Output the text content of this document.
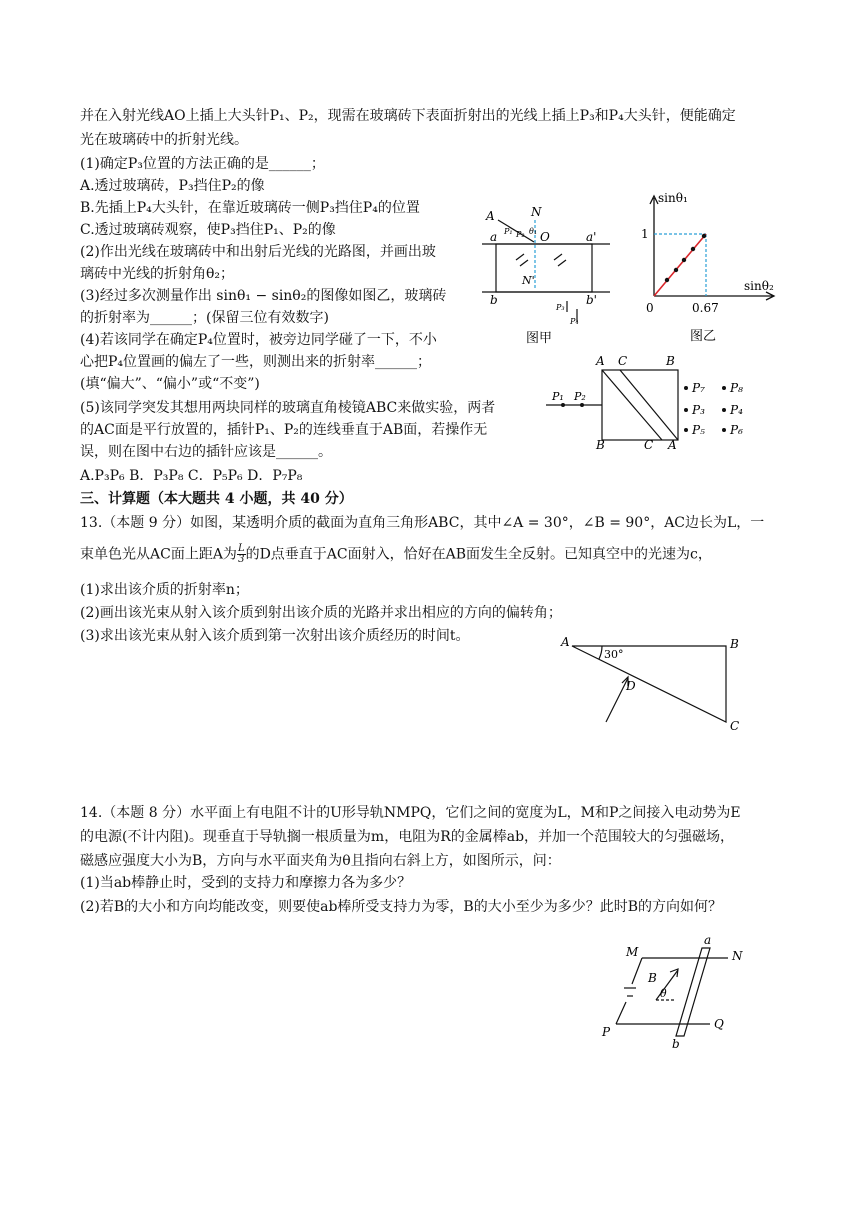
并在入射光线AO上插上大头针P₁、P₂，现需在玻璃砖下表面折射出的光线上插上P₃和P₄大头针，便能确定
光在玻璃砖中的折射光线。
(1)确定P₃位置的方法正确的是______；
A.透过玻璃砖，P₃挡住P₂的像
B.先插上P₄大头针，在靠近玻璃砖一侧P₃挡住P₄的位置
C.透过玻璃砖观察，使P₃挡住P₁、P₂的像
(2)作出光线在玻璃砖中和出射后光线的光路图，并画出玻
璃砖中光线的折射角θ₂；
(3)经过多次测量作出 sinθ₁ − sinθ₂的图像如图乙，玻璃砖
的折射率为______；(保留三位有效数字)
(4)若该同学在确定P₄位置时，被旁边同学碰了一下，不小
心把P₄位置画的偏左了一些，则测出来的折射率______；
(填“偏大”、“偏小”或“不变”)
(5)该同学突发其想用两块同样的玻璃直角棱镜ABC来做实验，两者
的AC面是平行放置的，插针P₁、P₂的连线垂直于AB面，若操作无
误，则在图中右边的插针应该是______。
A.P₃P₆ B．P₃P₈ C．P₅P₆ D．P₇P₈
A	N
a	O	a'
b	b'
N'
P₁ P₂
P₃
P₄
θ₁
图甲
sinθ₁
sinθ₂
1
0.67
0
图乙
A C	B
B	C A
P₁ P₂
P₇ P₈
P₃ P₄
P₅ P₆
三、计算题（本大题共 4 小题，共 40 分）
13.（本题 9 分）如图，某透明介质的截面为直角三角形ABC，其中∠A = 30°，∠B = 90°，AC边长为L，一
束单色光从AC面上距A为 $\frac{L}{3}$ 的D点垂直于AC面射入，恰好在AB面发生全反射。已知真空中的光速为c，
(1)求出该介质的折射率n；
(2)画出该光束从射入该介质到射出该介质的光路并求出相应的方向的偏转角；
(3)求出该光束从射入该介质到第一次射出该介质经历的时间t。	A	B
C
D
30°
14.（本题 8 分）水平面上有电阻不计的U形导轨NMPQ，它们之间的宽度为L，M和P之间接入电动势为E
的电源(不计内阻)。现垂直于导轨搁一根质量为m，电阻为R的金属棒ab，并加一个范围较大的匀强磁场，
磁感应强度大小为B，方向与水平面夹角为θ且指向右斜上方，如图所示，问：
(1)当ab棒静止时，受到的支持力和摩擦力各为多少？
(2)若B的大小和方向均能改变，则要使ab棒所受支持力为零，B的大小至少为多少？此时B的方向如何？
M	N
P
Q
a
b
B
θ
